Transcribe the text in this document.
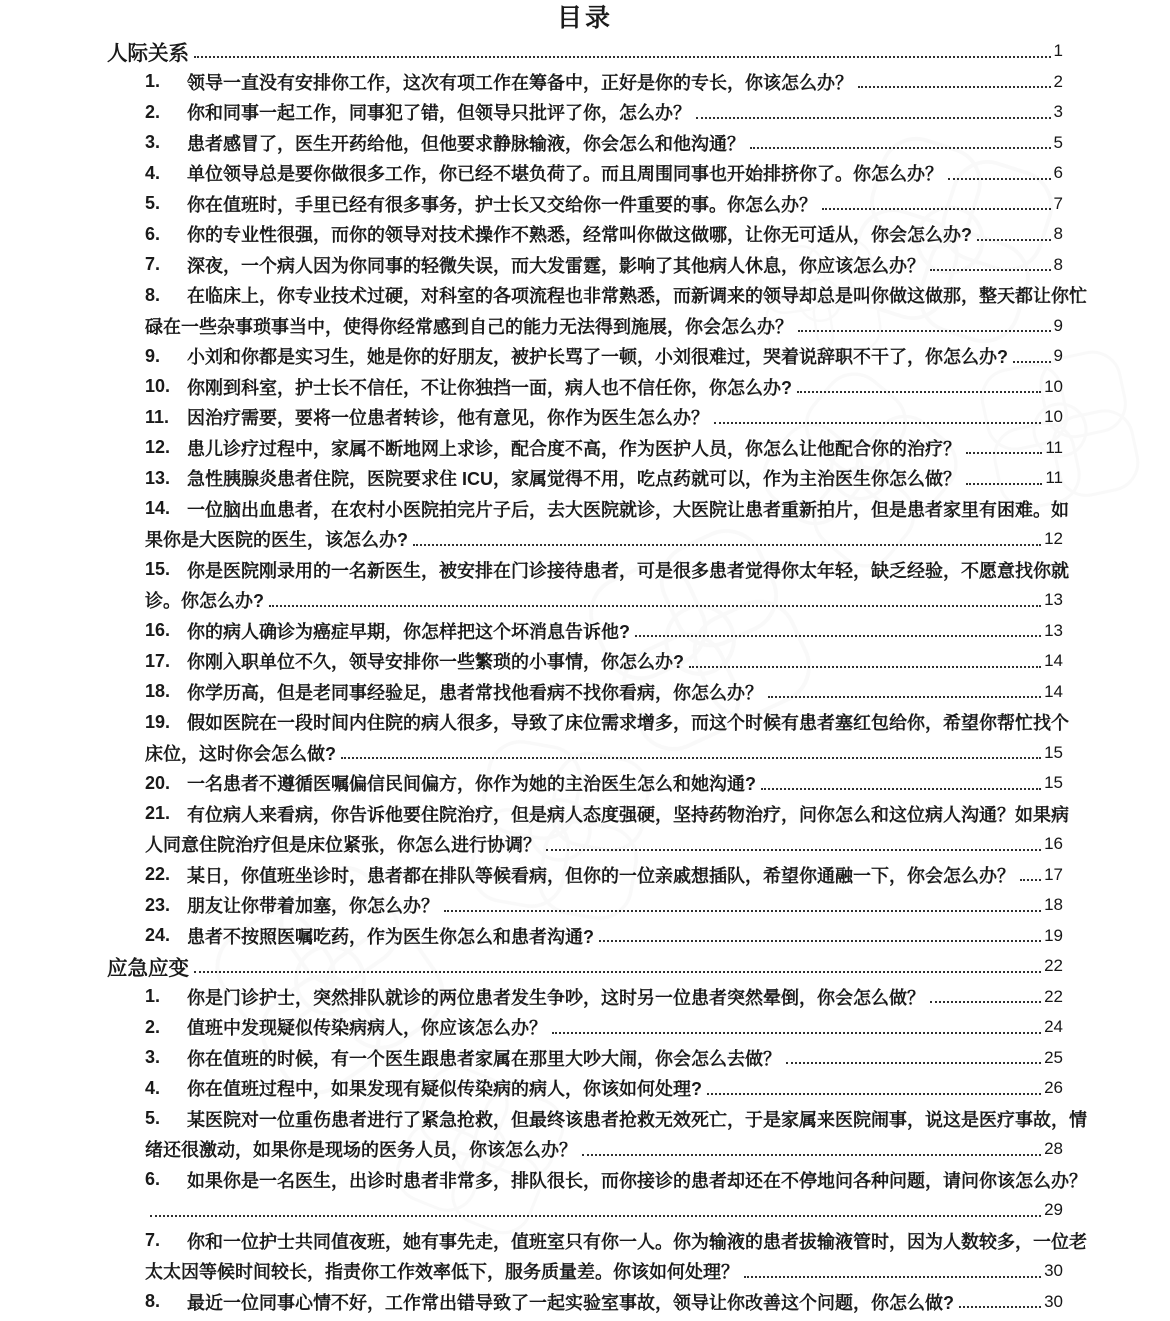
目录
人际关系	1
1.	领导一直没有安排你工作，这次有项工作在筹备中，正好是你的专长，你该怎么办？	2
2.	你和同事一起工作，同事犯了错，但领导只批评了你，怎么办？	3
3.	患者感冒了，医生开药给他，但他要求静脉输液，你会怎么和他沟通？	5
4.	单位领导总是要你做很多工作，你已经不堪负荷了。而且周围同事也开始排挤你了。你怎么办？	6
5.	你在值班时，手里已经有很多事务，护士长又交给你一件重要的事。你怎么办？	7
6.	你的专业性很强，而你的领导对技术操作不熟悉，经常叫你做这做哪，让你无可适从，你会怎么办?	8
7.	深夜，一个病人因为你同事的轻微失误，而大发雷霆，影响了其他病人休息，你应该怎么办？	8
8.	在临床上，你专业技术过硬，对科室的各项流程也非常熟悉，而新调来的领导却总是叫你做这做那，整天都让你忙
碌在一些杂事琐事当中，使得你经常感到自己的能力无法得到施展，你会怎么办？	9
9.	小刘和你都是实习生，她是你的好朋友，被护长骂了一顿，小刘很难过，哭着说辞职不干了，你怎么办?	9
10. 你刚到科室，护士长不信任，不让你独挡一面，病人也不信任你，你怎么办?	10
11. 因治疗需要，要将一位患者转诊，他有意见，你作为医生怎么办？	10
12. 患儿诊疗过程中，家属不断地网上求诊，配合度不高，作为医护人员，你怎么让他配合你的治疗？	11
13. 急性胰腺炎患者住院，医院要求住 ICU，家属觉得不用，吃点药就可以，作为主治医生你怎么做？	11
14. 一位脑出血患者，在农村小医院拍完片子后，去大医院就诊，大医院让患者重新拍片，但是患者家里有困难。如
果你是大医院的医生，该怎么办?	12
15. 你是医院刚录用的一名新医生，被安排在门诊接待患者，可是很多患者觉得你太年轻，缺乏经验，不愿意找你就
诊。你怎么办?	13
16. 你的病人确诊为癌症早期，你怎样把这个坏消息告诉他?	13
17. 你刚入职单位不久，领导安排你一些繁琐的小事情，你怎么办?	14
18. 你学历高，但是老同事经验足，患者常找他看病不找你看病，你怎么办？	14
19. 假如医院在一段时间内住院的病人很多，导致了床位需求增多，而这个时候有患者塞红包给你，希望你帮忙找个
床位，这时你会怎么做?	15
20. 一名患者不遵循医嘱偏信民间偏方，你作为她的主治医生怎么和她沟通?	15
21. 有位病人来看病，你告诉他要住院治疗，但是病人态度强硬，坚持药物治疗，问你怎么和这位病人沟通？如果病
人同意住院治疗但是床位紧张，你怎么进行协调？	16
22. 某日，你值班坐诊时，患者都在排队等候看病，但你的一位亲戚想插队，希望你通融一下，你会怎么办？ 17
23. 朋友让你带着加塞，你怎么办？	18
24. 患者不按照医嘱吃药，作为医生你怎么和患者沟通?	19
应急应变	22
1.	你是门诊护士，突然排队就诊的两位患者发生争吵，这时另一位患者突然晕倒，你会怎么做？	22
2.	值班中发现疑似传染病病人，你应该怎么办？	24
3.	你在值班的时候，有一个医生跟患者家属在那里大吵大闹，你会怎么去做？	25
4.	你在值班过程中，如果发现有疑似传染病的病人，你该如何处理?	26
5.	某医院对一位重伤患者进行了紧急抢救，但最终该患者抢救无效死亡，于是家属来医院闹事，说这是医疗事故，情
绪还很激动，如果你是现场的医务人员，你该怎么办？	28
6.	如果你是一名医生，出诊时患者非常多，排队很长，而你接诊的患者却还在不停地问各种问题，请问你该怎么办？
29
7.	你和一位护士共同值夜班，她有事先走，值班室只有你一人。你为输液的患者拔输液管时，因为人数较多，一位老
太太因等候时间较长，指责你工作效率低下，服务质量差。你该如何处理？	30
8.	最近一位同事心情不好，工作常出错导致了一起实验室事故，领导让你改善这个问题，你怎么做?	30
